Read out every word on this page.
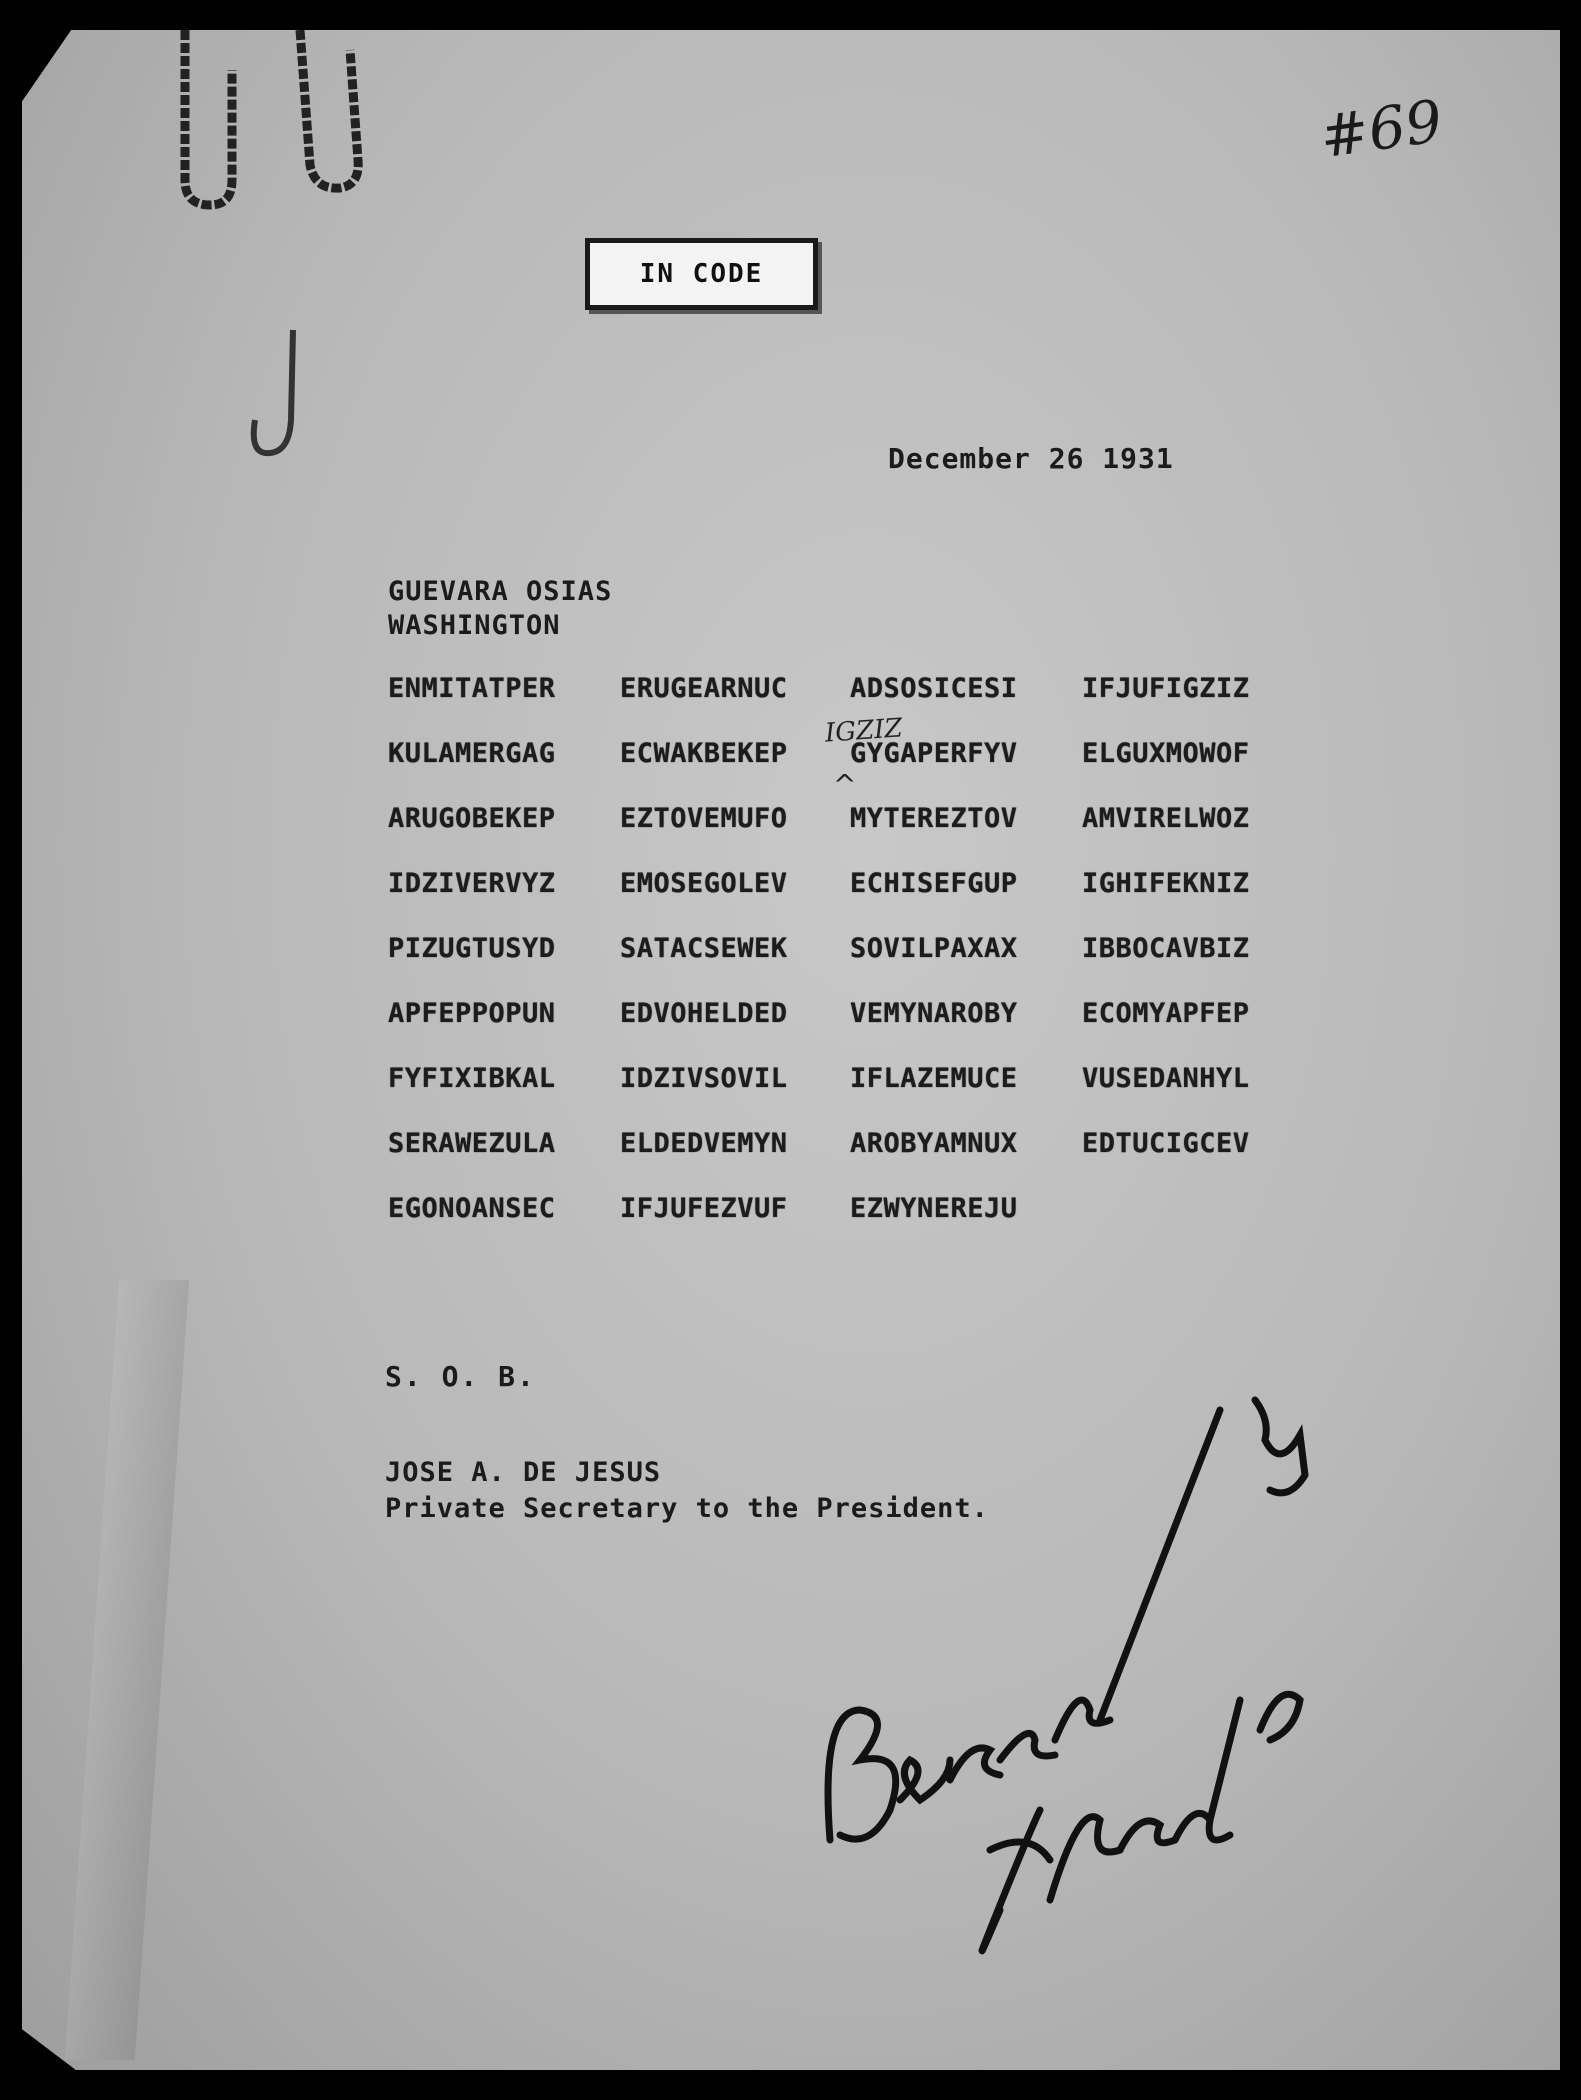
#69
IN CODE
December 26 1931
GUEVARA OSIAS
WASHINGTON
ENMITATPER	ERUGEARNUC	ADSOSICESI	IFJUFIGZIZ
KULAMERGAG	ECWAKBEKEP	GYGAPERFYV	ELGUXMOWOF
ARUGOBEKEP	EZTOVEMUFO	MYTEREZTOV	AMVIRELWOZ
IDZIVERVYZ	EMOSEGOLEV	ECHISEFGUP	IGHIFEKNIZ
PIZUGTUSYD	SATACSEWEK	SOVILPAXAX	IBBOCAVBIZ
APFEPPOPUN	EDVOHELDED	VEMYNAROBY	ECOMYAPFEP
FYFIXIBKAL	IDZIVSOVIL	IFLAZEMUCE	VUSEDANHYL
SERAWEZULA	ELDEDVEMYN	AROBYAMNUX	EDTUCIGCEV
EGONOANSEC	IFJUFEZVUF	EZWYNEREJU
IGZIZ
^
S. O. B.
JOSE A. DE JESUS
Private Secretary to the President.
